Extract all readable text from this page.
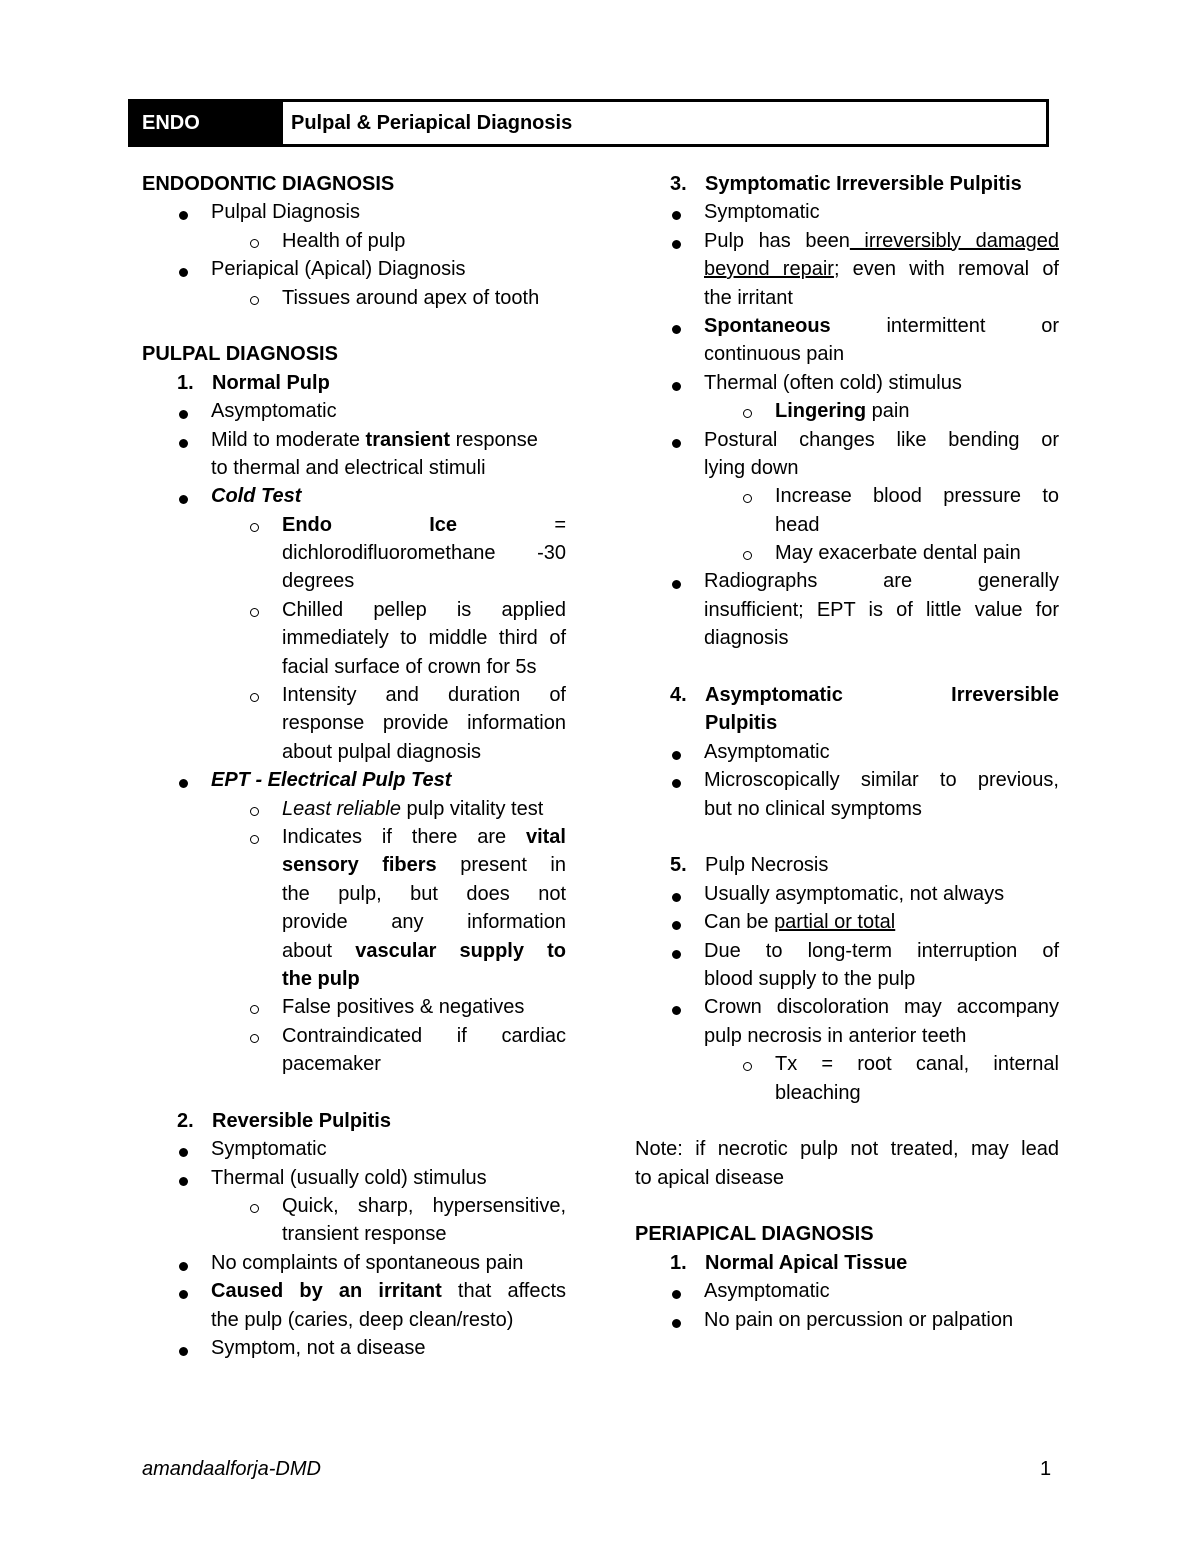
ENDO	Pulpal & Periapical Diagnosis
ENDODONTIC DIAGNOSIS
Pulpal Diagnosis
Health of pulp
Periapical (Apical) Diagnosis
Tissues around apex of tooth
PULPAL DIAGNOSIS
1. Normal Pulp
Asymptomatic
Mild to moderate transient response
to thermal and electrical stimuli
Cold Test
Endo	Ice	=
dichlorodifluoromethane -30
degrees
Chilled pellep is applied
immediately to middle third of
facial surface of crown for 5s
Intensity and duration of
response provide information
about pulpal diagnosis
EPT - Electrical Pulp Test
Least reliable pulp vitality test
Indicates if there are vital
sensory fibers present in
the pulp, but does not
provide any information
about vascular supply to
the pulp
False positives & negatives
Contraindicated if cardiac
pacemaker
2. Reversible Pulpitis
Symptomatic
Thermal (usually cold) stimulus
Quick, sharp, hypersensitive,
transient response
No complaints of spontaneous pain
Caused by an irritant that affects
the pulp (caries, deep clean/resto)
Symptom, not a disease
3. Symptomatic Irreversible Pulpitis
Symptomatic
Pulp has been irreversibly damaged
beyond repair; even with removal of
the irritant
Spontaneous	intermittent or
continuous pain
Thermal (often cold) stimulus
Lingering pain
Postural changes like bending or
lying down
Increase blood pressure to
head
May exacerbate dental pain
Radiographs are generally
insufficient; EPT is of little value for
diagnosis
4. Asymptomatic	Irreversible
Pulpitis
Asymptomatic
Microscopically similar to previous,
but no clinical symptoms
5. Pulp Necrosis
Usually asymptomatic, not always
Can be partial or total
Due to long-term interruption of
blood supply to the pulp
Crown discoloration may accompany
pulp necrosis in anterior teeth
Tx = root canal, internal
bleaching
Note: if necrotic pulp not treated, may lead
to apical disease
PERIAPICAL DIAGNOSIS
1. Normal Apical Tissue
Asymptomatic
No pain on percussion or palpation
amandaalforja-DMD	1
